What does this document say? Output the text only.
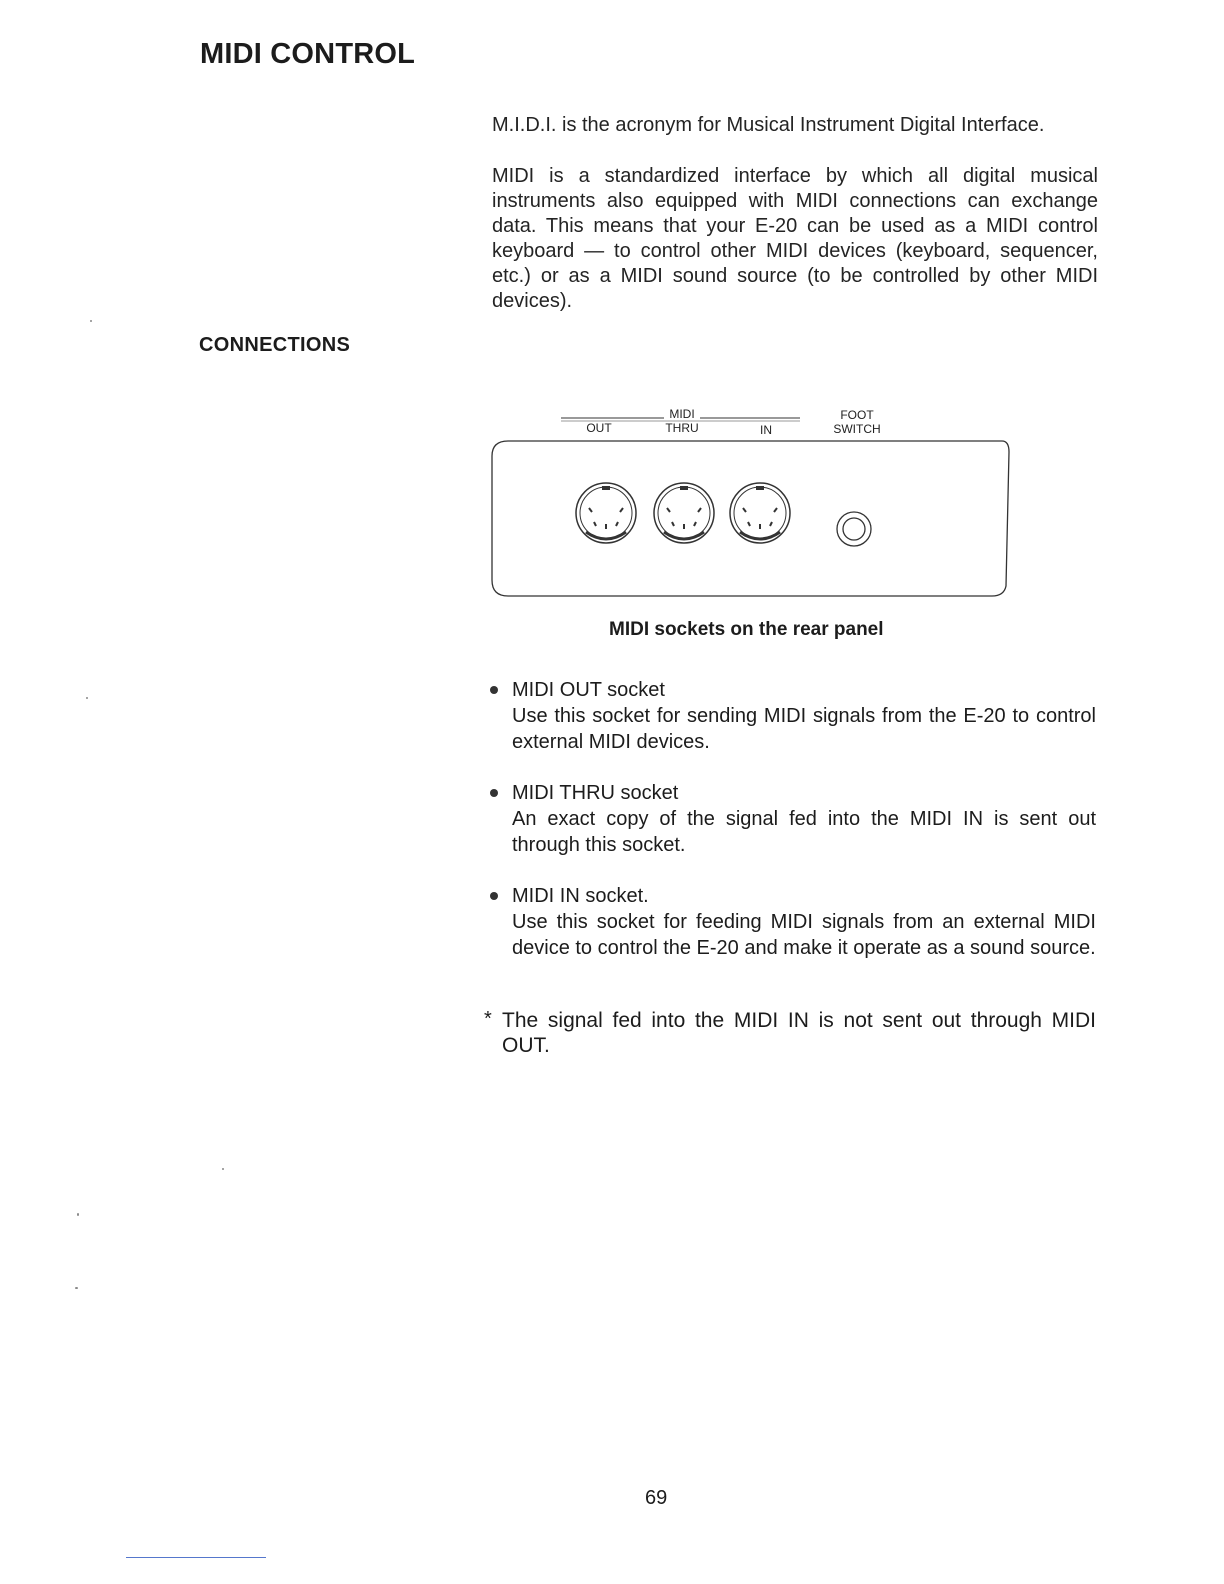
MIDI CONTROL
CONNECTIONS
M.I.D.I. is the acronym for Musical Instrument Digital Interface.
MIDI is a standardized interface by which all digital musical instruments also equipped with MIDI connections can exchange data. This means that your E-20 can be used as a MIDI control keyboard — to control other MIDI devices (keyboard, sequencer, etc.) or as a MIDI sound source (to be controlled by other MIDI devices).
MIDI
OUT	THRU	IN
FOOT
SWITCH
MIDI sockets on the rear panel
MIDI OUT socket
Use this socket for sending MIDI signals from the E-20 to control external MIDI devices.
MIDI THRU socket
An exact copy of the signal fed into the MIDI IN is sent out through this socket.
MIDI IN socket.
Use this socket for feeding MIDI signals from an external MIDI device to control the E-20 and make it operate as a sound source.
* The signal fed into the MIDI IN is not sent out through MIDI OUT.
69
